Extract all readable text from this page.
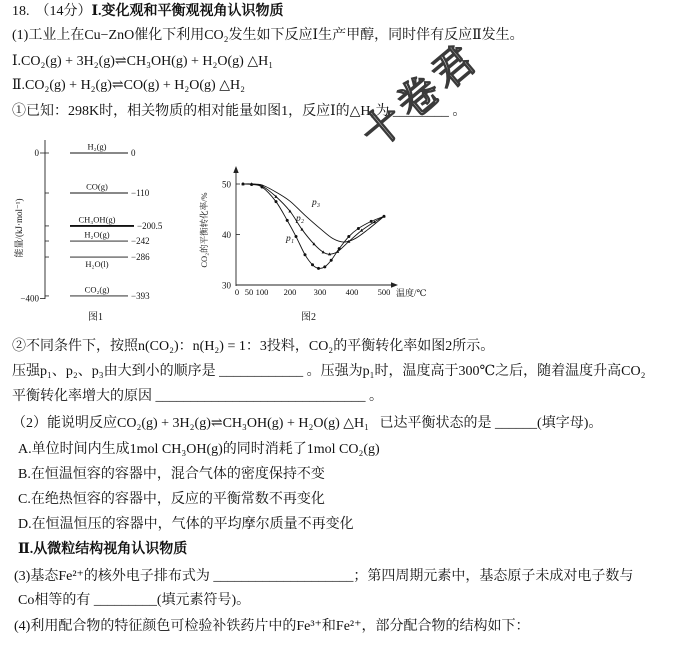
18. （14分）Ⅰ.变化观和平衡观视角认识物质
(1)工业上在Cu−ZnO催化下利用CO₂发生如下反应Ⅰ生产甲醇，同时伴有反应Ⅱ发生。
Ⅰ.CO₂(g) + 3H₂(g)⇌CH₃OH(g) + H₂O(g) △H₁
Ⅱ.CO₂(g) + H₂(g)⇌CO(g) + H₂O(g) △H₂
①已知：298K时，相关物质的相对能量如图1，反应Ⅰ的△H₁为 ________ 。
十卷君
能量/(kJ·mol⁻¹)
0
−400
H₂(g)
0
CO(g)
−110
CH₃OH(g)
−200.5
H₂O(g)
−242
H₂O(l)
−286
CO₂(g)
−393
图1
CO₂的平衡转化率/%
温度/℃
30
40
50
0 50 100 200 300 400 500
p₁
p₂
p₃
图2
②不同条件下，按照n(CO₂)：n(H₂) = 1：3投料，CO₂的平衡转化率如图2所示。
压强p₁、p₂、p₃由大到小的顺序是 ____________ 。压强为p₁时，温度高于300℃之后，随着温度升高CO₂
平衡转化率增大的原因 ______________________________ 。
（2）能说明反应CO₂(g) + 3H₂(g)⇌CH₃OH(g) + H₂O(g) △H₁   已达平衡状态的是 ______(填字母)。
A.单位时间内生成1mol CH₃OH(g)的同时消耗了1mol CO₂(g)
B.在恒温恒容的容器中，混合气体的密度保持不变
C.在绝热恒容的容器中，反应的平衡常数不再变化
D.在恒温恒压的容器中，气体的平均摩尔质量不再变化
Ⅱ.从微粒结构视角认识物质
(3)基态Fe²⁺的核外电子排布式为 ____________________；第四周期元素中，基态原子未成对电子数与
Co相等的有 _________(填元素符号)。
(4)利用配合物的特征颜色可检验补铁药片中的Fe³⁺和Fe²⁺，部分配合物的结构如下：
